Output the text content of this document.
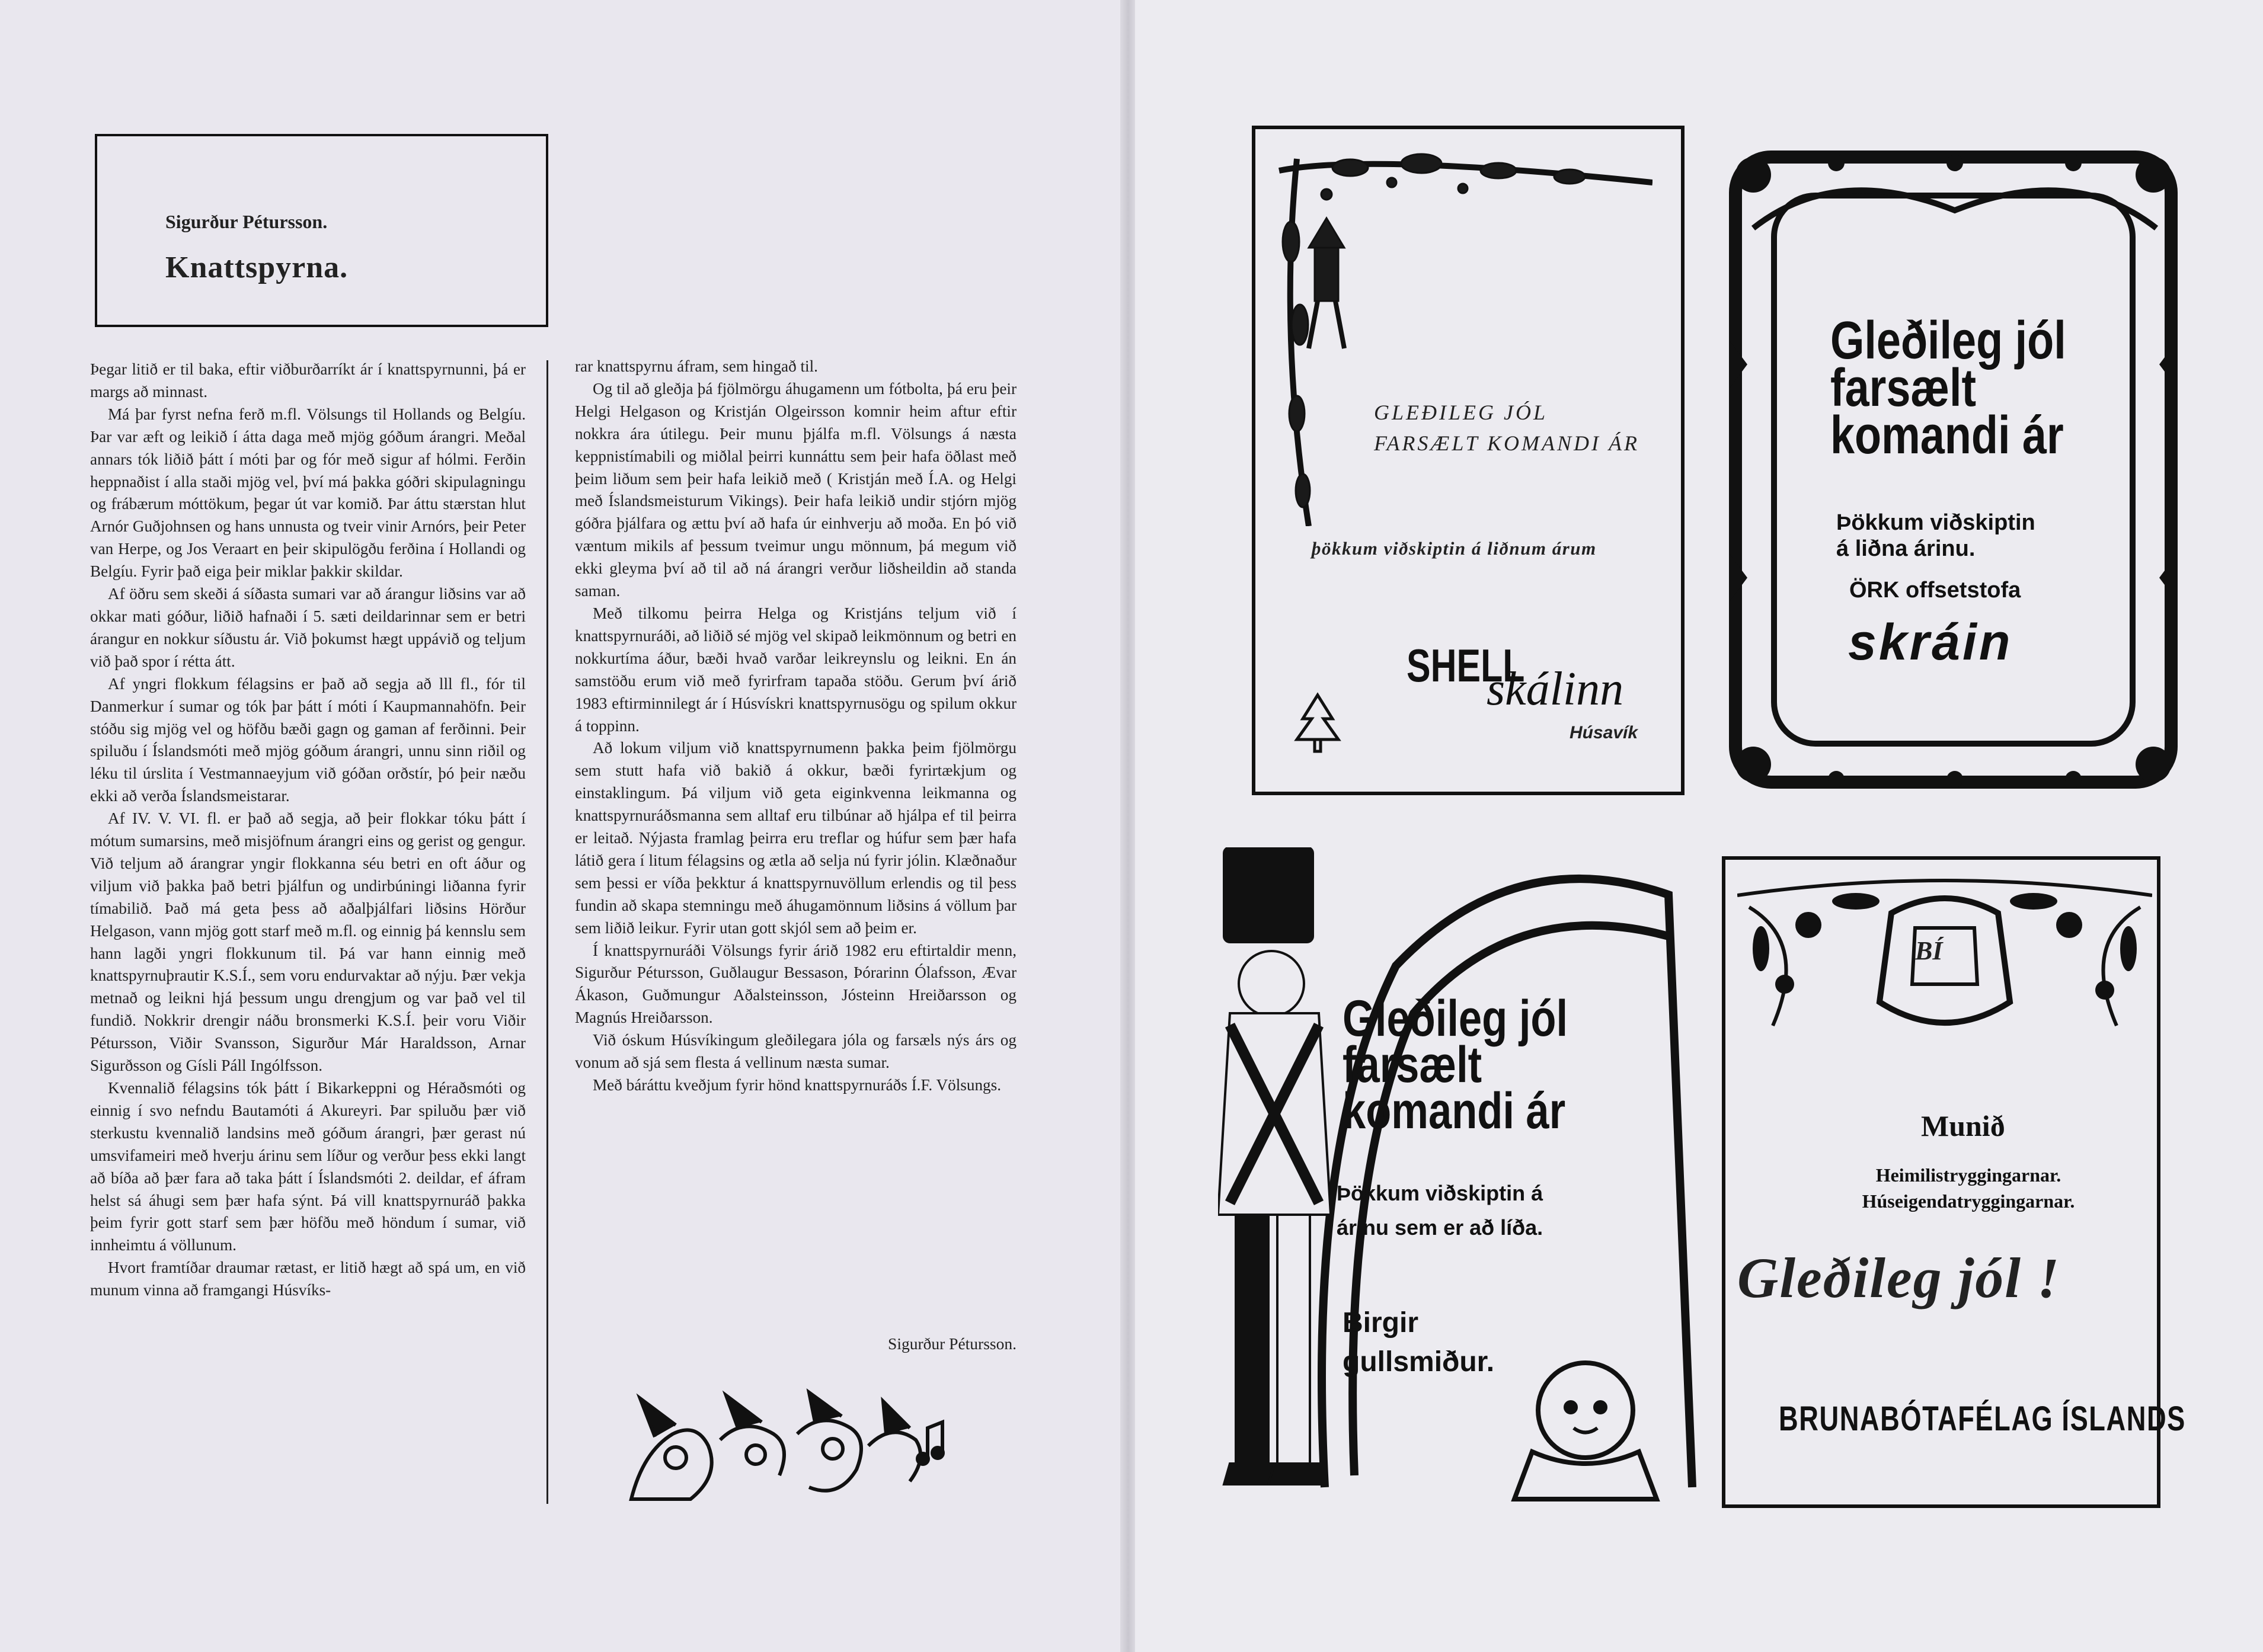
Sigurður Pétursson.
Knattspyrna.

Þegar litið er til baka, eftir viðburðarríkt ár í knattspyrnunni, þá er margs að minnast.

Má þar fyrst nefna ferð m.fl. Völsungs til Hollands og Belgíu. Þar var æft og leikið í átta daga með mjög góðum árangri. Meðal annars tók liðið þátt í móti þar og fór með sigur af hólmi. Ferðin heppnaðist í alla staði mjög vel, því má þakka góðri skipulagningu og frábærum móttökum, þegar út var komið. Þar áttu stærstan hlut Arnór Guðjohnsen og hans unnusta og tveir vinir Arnórs, þeir Peter van Herpe, og Jos Veraart en þeir skipulögðu ferðina í Hollandi og Belgíu. Fyrir það eiga þeir miklar þakkir skildar.

Af öðru sem skeði á síðasta sumari var að árangur liðsins var að okkar mati góður, liðið hafnaði í 5. sæti deildarinnar sem er betri árangur en nokkur síðustu ár. Við þokumst hægt uppávið og teljum við það spor í rétta átt.

Af yngri flokkum félagsins er það að segja að lll fl., fór til Danmerkur í sumar og tók þar þátt í móti í Kaupmannahöfn. Þeir stóðu sig mjög vel og höfðu bæði gagn og gaman af ferðinni. Þeir spiluðu í Íslandsmóti með mjög góðum árangri, unnu sinn riðil og léku til úrslita í Vestmannaeyjum við góðan orðstír, þó þeir næðu ekki að verða Íslandsmeistarar.

Af IV. V. VI. fl. er það að segja, að þeir flokkar tóku þátt í mótum sumarsins, með misjöfnum árangri eins og gerist og gengur. Við teljum að árangrar yngir flokkanna séu betri en oft áður og viljum við þakka það betri þjálfun og undirbúningi liðanna fyrir tímabilið. Það má geta þess að aðalþjálfari liðsins Hörður Helgason, vann mjög gott starf með m.fl. og einnig þá kennslu sem hann lagði yngri flokkunum til. Þá var hann einnig með knattspyrnuþrautir K.S.Í., sem voru endurvaktar að nýju. Þær vekja metnað og leikni hjá þessum ungu drengjum og var það vel til fundið. Nokkrir drengir náðu bronsmerki K.S.Í. þeir voru Viðir Pétursson, Viðir Svansson, Sigurður Már Haraldsson, Arnar Sigurðsson og Gísli Páll Ingólfsson.

Kvennalið félagsins tók þátt í Bikarkeppni og Héraðsmóti og einnig í svo nefndu Bautamóti á Akureyri. Þar spiluðu þær við sterkustu kvennalið landsins með góðum árangri, þær gerast nú umsvifameiri með hverju árinu sem líður og verður þess ekki langt að bíða að þær fara að taka þátt í Íslandsmóti 2. deildar, ef áfram helst sá áhugi sem þær hafa sýnt. Þá vill knattspyrnuráð þakka þeim fyrir gott starf sem þær höfðu með höndum í sumar, við innheimtu á völlunum.

Hvort framtíðar draumar rætast, er litið hægt að spá um, en við munum vinna að framgangi Húsvíks-

rar knattspyrnu áfram, sem hingað til.

Og til að gleðja þá fjölmörgu áhugamenn um fótbolta, þá eru þeir Helgi Helgason og Kristján Olgeirsson komnir heim aftur eftir nokkra ára útilegu. Þeir munu þjálfa m.fl. Völsungs á næsta keppnistímabili og miðlal þeirri kunnáttu sem þeir hafa öðlast með þeim liðum sem þeir hafa leikið með ( Kristján með Í.A. og Helgi með Íslandsmeisturum Vikings). Þeir hafa leikið undir stjórn mjög góðra þjálfara og ættu því að hafa úr einhverju að moða. En þó við væntum mikils af þessum tveimur ungu mönnum, þá megum við ekki gleyma því að til að ná árangri verður liðsheildin að standa saman.

Með tilkomu þeirra Helga og Kristjáns teljum við í knattspyrnuráði, að liðið sé mjög vel skipað leikmönnum og betri en nokkurtíma áður, bæði hvað varðar leikreynslu og leikni. En án samstöðu erum við með fyrirfram tapaða stöðu. Gerum því árið 1983 eftirminnilegt ár í Húsvískri knattspyrnusögu og spilum okkur á toppinn.

Að lokum viljum við knattspyrnumenn þakka þeim fjölmörgu sem stutt hafa við bakið á okkur, bæði fyrirtækjum og einstaklingum. Þá viljum við geta eiginkvenna leikmanna og knattspyrnuráðsmanna sem alltaf eru tilbúnar að hjálpa ef til þeirra er leitað. Nýjasta framlag þeirra eru treflar og húfur sem þær hafa látið gera í litum félagsins og ætla að selja nú fyrir jólin. Klæðnaður sem þessi er víða þekktur á knattspyrnuvöllum erlendis og til þess fundin að skapa stemningu með áhugamönnum liðsins á völlum þar sem liðið leikur. Fyrir utan gott skjól sem að þeim er.

Í knattspyrnuráði Völsungs fyrir árið 1982 eru eftirtaldir menn, Sigurður Pétursson, Guðlaugur Bessason, Þórarinn Ólafsson, Ævar Ákason, Guðmungur Aðalsteinsson, Jósteinn Hreiðarsson og Magnús Hreiðarsson.

Við óskum Húsvíkingum gleðilegara jóla og farsæls nýs árs og vonum að sjá sem flesta á vellinum næsta sumar.

Með báráttu kveðjum fyrir hönd knattspyrnuráðs Í.F. Völsungs.

Sigurður Pétursson.
GLEÐILEG JÓL
FARSÆLT KOMANDI ÁR
þökkum viðskiptin á liðnum árum
SHELL
skálinn
Húsavík
Gleðileg jól
farsælt
komandi ár
Þökkum viðskiptin
á liðna árinu.
ÖRK offsetstofa
skráin
Gleðileg jól
farsælt
komandi ár
Þökkum viðskiptin á
árinu sem er að líða.
Birgir
gullsmiður.
BÍ
Munið
Heimilistryggingarnar.
Húseigendatryggingarnar.
Gleðileg jól !
BRUNABÓTAFÉLAG ÍSLANDS
